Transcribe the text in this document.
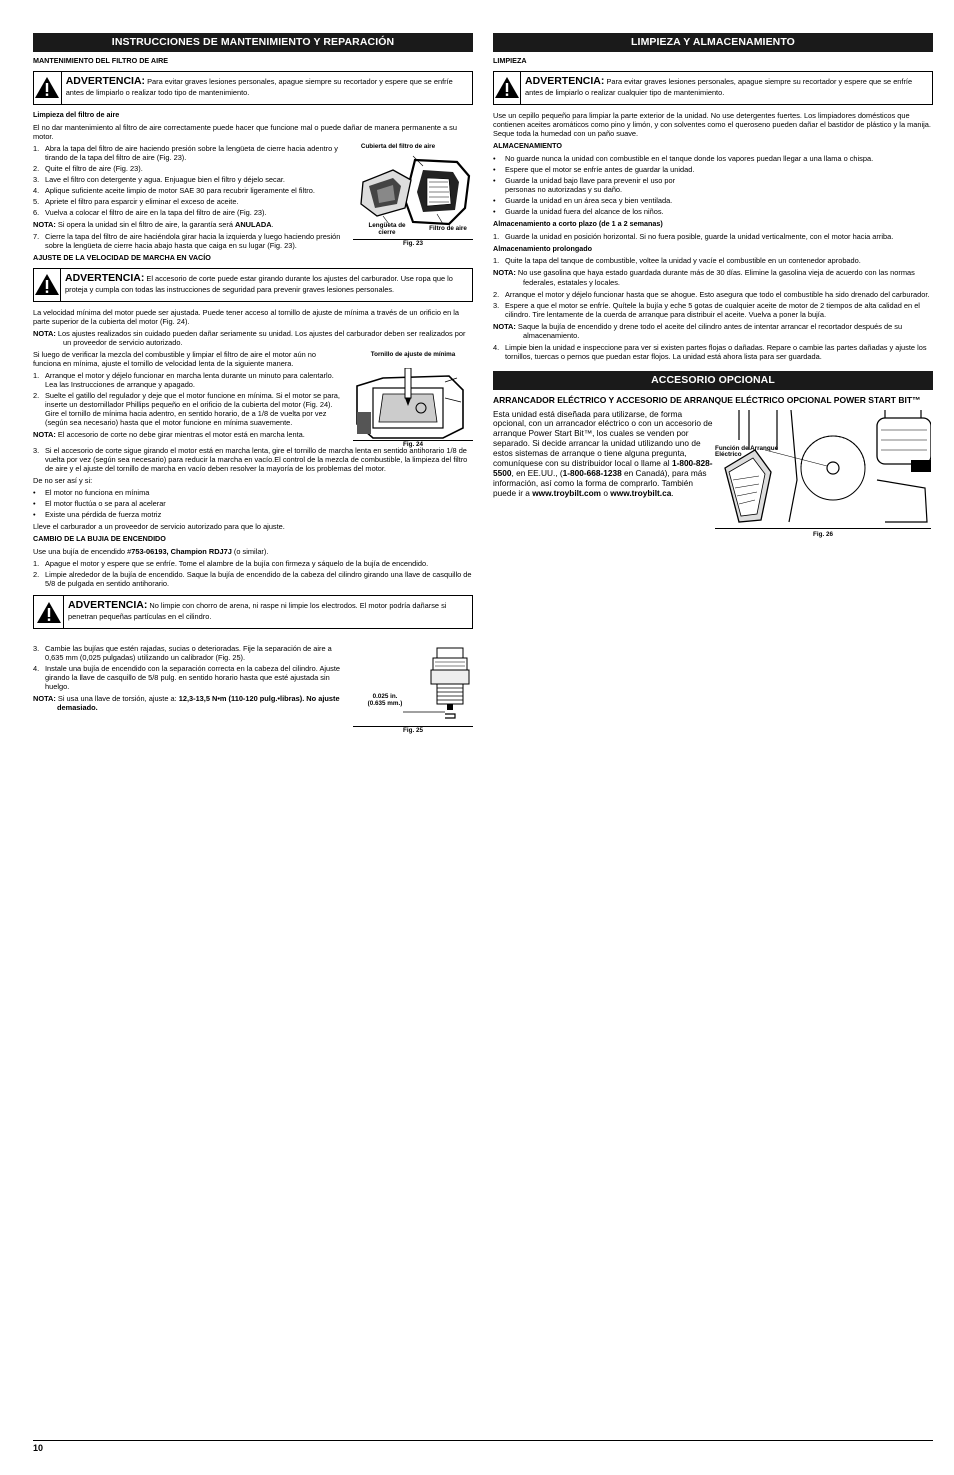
INSTRUCCIONES DE MANTENIMIENTO Y REPARACIÓN
MANTENIMIENTO DEL FILTRO DE AIRE
ADVERTENCIA: Para evitar graves lesiones personales, apague siempre su recortador y espere que se enfríe antes de limpiarlo o realizar todo tipo de mantenimiento.
Limpieza del filtro de aire

El no dar mantenimiento al filtro de aire correctamente puede hacer que funcione mal o puede dañar de manera permanente a su motor.

Cubierta del filtro de aire
Lengüeta de cierre
Filtro de aire
Fig. 23
1. Abra la tapa del filtro de aire haciendo presión sobre la lengüeta de cierre hacia adentro y tirando de la tapa del filtro de aire (Fig. 23).
2. Quite el filtro de aire (Fig. 23).
3. Lave el filtro con detergente y agua. Enjuague bien el filtro y déjelo secar.
4. Aplique suficiente aceite limpio de motor SAE 30 para recubrir ligeramente el filtro.
5. Apriete el filtro para esparcir y eliminar el exceso de aceite.
6. Vuelva a colocar el filtro de aire en la tapa del filtro de aire (Fig. 23).

NOTA: Si opera la unidad sin el filtro de aire, la garantía será ANULADA.

7. Cierre la tapa del filtro de aire haciéndola girar hacia la izquierda y luego haciendo presión sobre la lengüeta de cierre hacia abajo hasta que caiga en su lugar (Fig. 23).
AJUSTE DE LA VELOCIDAD DE MARCHA EN VACÍO
ADVERTENCIA: El accesorio de corte puede estar girando durante los ajustes del carburador. Use ropa que lo proteja y cumpla con todas las instrucciones de seguridad para prevenir graves lesiones personales.

La velocidad mínima del motor puede ser ajustada. Puede tener acceso al tornillo de ajuste de mínima a través de un orificio en la parte superior de la cubierta del motor (Fig. 24).

NOTA: Los ajustes realizados sin cuidado pueden dañar seriamente su unidad. Los ajustes del carburador deben ser realizados por un proveedor de servicio autorizado.

Tornillo de ajuste de mínima
Fig. 24

Si luego de verificar la mezcla del combustible y limpiar el filtro de aire el motor aún no funciona en mínima, ajuste el tornillo de velocidad lenta de la siguiente manera.

1. Arranque el motor y déjelo funcionar en marcha lenta durante un minuto para calentarlo. Lea las Instrucciones de arranque y apagado.
2. Suelte el gatillo del regulador y deje que el motor funcione en mínima. Si el motor se para, inserte un destornillador Phillips pequeño en el orificio de la cubierta del motor (Fig. 24). Gire el tornillo de mínima hacia adentro, en sentido horario, de a 1/8 de vuelta por vez (según sea necesario) hasta que el motor funcione en mínima suavemente.

NOTA: El accesorio de corte no debe girar mientras el motor está en marcha lenta.

3. Si el accesorio de corte sigue girando el motor está en marcha lenta, gire el tornillo de marcha lenta en sentido antihorario 1/8 de vuelta por vez (según sea necesario) para reducir la marcha en vacío.El control de la mezcla de combustible, la limpieza del filtro de aire y el ajuste del tornillo de marcha en vacío deben resolver la mayoría de los problemas del motor.

De no ser así y si:

• El motor no funciona en mínima
• El motor fluctúa o se para al acelerar
• Existe una pérdida de fuerza motriz

Lleve el carburador a un proveedor de servicio autorizado para que lo ajuste.

CAMBIO DE LA BUJIA DE ENCENDIDO

Use una bujía de encendido #753-06193, Champion RDJ7J (o similar).

1. Apague el motor y espere que se enfríe. Tome el alambre de la bujía con firmeza y sáquelo de la bujía de encendido.
2. Limpie alrededor de la bujía de encendido. Saque la bujía de encendido de la cabeza del cilindro girando una llave de casquillo de 5/8 de pulgada en sentido antihorario.
ADVERTENCIA: No limpie con chorro de arena, ni raspe ni limpie los electrodos. El motor podría dañarse si penetran pequeñas partículas en el cilindro.
0.025 in.
(0.635 mm.)
Fig. 25
3. Cambie las bujías que estén rajadas, sucias o deterioradas. Fije la separación de aire a 0,635 mm (0,025 pulgadas) utilizando un calibrador (Fig. 25).
4. Instale una bujía de encendido con la separación correcta en la cabeza del cilindro. Ajuste girando la llave de casquillo de 5/8 pulg. en sentido horario hasta que esté ajustada sin huelgo.

NOTA: Si usa una llave de torsión, ajuste a: 12,3-13,5 N•m (110-120 pulg.•libras). No ajuste demasiado.

LIMPIEZA Y ALMACENAMIENTO
LIMPIEZA
ADVERTENCIA: Para evitar graves lesiones personales, apague siempre su recortador y espere que se enfríe antes de limpiarlo o realizar cualquier tipo de mantenimiento.

Use un cepillo pequeño para limpiar la parte exterior de la unidad. No use detergentes fuertes. Los limpiadores domésticos que contienen aceites aromáticos como pino y limón, y con solventes como el queroseno pueden dañar el bastidor de plástico y la manija. Seque toda la humedad con un paño suave.

ALMACENAMIENTO
• No guarde nunca la unidad con combustible en el tanque donde los vapores puedan llegar a una llama o chispa.
• Espere que el motor se enfríe antes de guardar la unidad.
• Guarde la unidad bajo llave para prevenir el uso por personas no autorizadas y su daño.
• Guarde la unidad en un área seca y bien ventilada.
• Guarde la unidad fuera del alcance de los niños.
Almacenamiento a corto plazo (de 1 a 2 semanas)
1. Guarde la unidad en posición horizontal. Si no fuera posible, guarde la unidad verticalmente, con el motor hacia arriba.
Almacenamiento prolongado
1. Quite la tapa del tanque de combustible, voltee la unidad y vacíe el combustible en un contenedor aprobado.

NOTA: No use gasolina que haya estado guardada durante más de 30 días. Elimine la gasolina vieja de acuerdo con las normas federales, estatales y locales.

2. Arranque el motor y déjelo funcionar hasta que se ahogue. Esto asegura que todo el combustible ha sido drenado del carburador.
3. Espere a que el motor se enfríe. Quítele la bujía y eche 5 gotas de cualquier aceite de motor de 2 tiempos de alta calidad en el cilindro. Tire lentamente de la cuerda de arranque para distribuir el aceite. Vuelva a poner la bujía.

NOTA: Saque la bujía de encendido y drene todo el aceite del cilindro antes de intentar arrancar el recortador después de su almacenamiento.

4. Limpie bien la unidad e inspeccione para ver si existen partes flojas o dañadas. Repare o cambie las partes dañadas y ajuste los tornillos, tuercas o pernos que puedan estar flojos. La unidad está ahora lista para ser guardada.
ACCESORIO OPCIONAL
ARRANCADOR ELÉCTRICO Y ACCESORIO DE ARRANQUE ELÉCTRICO OPCIONAL POWER START BIT™

Esta unidad está diseñada para utilizarse, de forma opcional, con un arrancador eléctrico o con un accesorio de arranque Power Start Bit™, los cuales se venden por separado. Si decide arrancar la unidad utilizando uno de estos sistemas de arranque o tiene alguna pregunta, comuníquese con su distribuidor local o llame al 1-800-828-5500, en EE.UU., (1-800-668-1238 en Canadá), para más información, así como la forma de comprarlo. También puede ir a www.troybilt.com o www.troybilt.ca.

Función de Arranque Eléctrico
Fig. 26
10
